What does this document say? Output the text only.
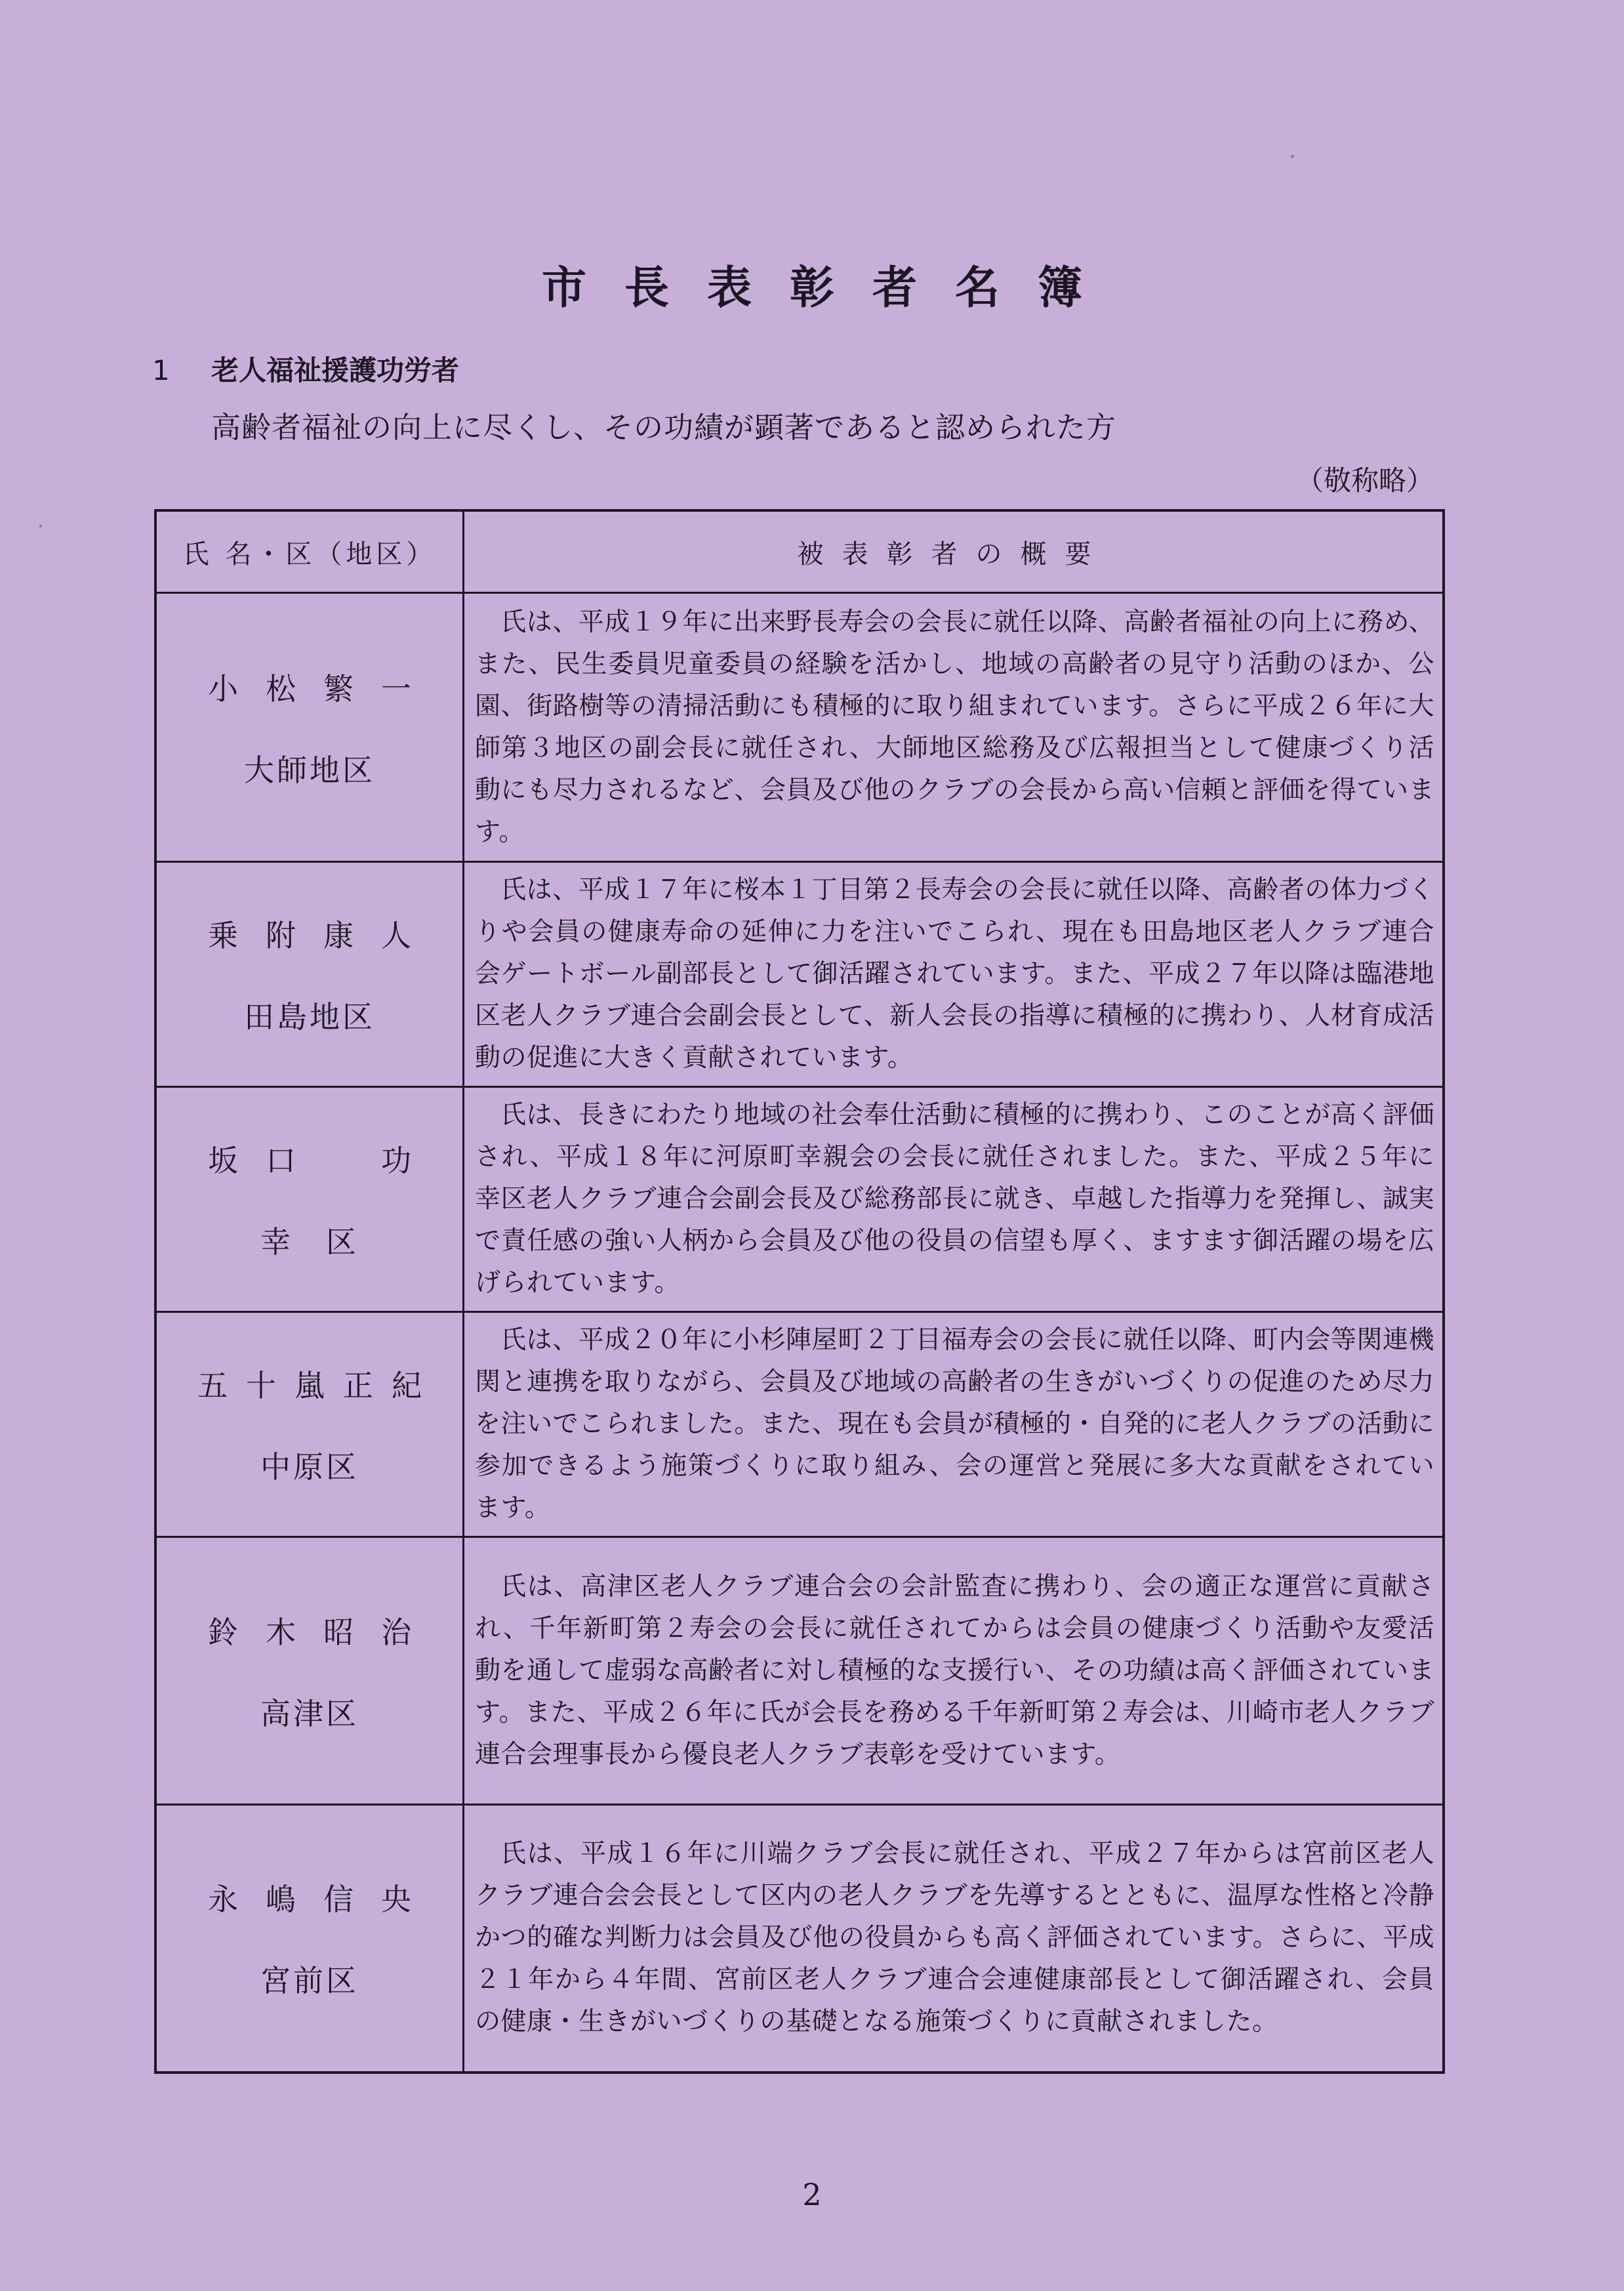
市長表彰者名簿
1 老人福祉援護功労者
高齢者福祉の向上に尽くし、その功績が顕著であると認められた方
（敬称略）
氏 名・区（地区）	被表彰者の概要

小松繁一
大師地区	氏は、平成１９年に出来野長寿会の会長に就任以降、高齢者福祉の向上に務め、また、民生委員児童委員の経験を活かし、地域の高齢者の見守り活動のほか、公園、街路樹等の清掃活動にも積極的に取り組まれています。さらに平成２６年に大師第３地区の副会長に就任され、大師地区総務及び広報担当として健康づくり活動にも尽力されるなど、会員及び他のクラブの会長から高い信頼と評価を得ています。

乗附康人
田島地区	氏は、平成１７年に桜本１丁目第２長寿会の会長に就任以降、高齢者の体力づくりや会員の健康寿命の延伸に力を注いでこられ、現在も田島地区老人クラブ連合会ゲートボール副部長として御活躍されています。また、平成２７年以降は臨港地区老人クラブ連合会副会長として、新人会長の指導に積極的に携わり、人材育成活動の促進に大きく貢献されています。

坂口　功
幸　区	氏は、長きにわたり地域の社会奉仕活動に積極的に携わり、このことが高く評価され、平成１８年に河原町幸親会の会長に就任されました。また、平成２５年に幸区老人クラブ連合会副会長及び総務部長に就き、卓越した指導力を発揮し、誠実で責任感の強い人柄から会員及び他の役員の信望も厚く、ますます御活躍の場を広げられています。

五十嵐正紀
中原区	氏は、平成２０年に小杉陣屋町２丁目福寿会の会長に就任以降、町内会等関連機関と連携を取りながら、会員及び地域の高齢者の生きがいづくりの促進のため尽力を注いでこられました。また、現在も会員が積極的・自発的に老人クラブの活動に参加できるよう施策づくりに取り組み、会の運営と発展に多大な貢献をされています。

鈴木昭治
高津区	氏は、高津区老人クラブ連合会の会計監査に携わり、会の適正な運営に貢献され、千年新町第２寿会の会長に就任されてからは会員の健康づくり活動や友愛活動を通して虚弱な高齢者に対し積極的な支援行い、その功績は高く評価されています。また、平成２６年に氏が会長を務める千年新町第２寿会は、川崎市老人クラブ連合会理事長から優良老人クラブ表彰を受けています。

永嶋信央
宮前区	氏は、平成１６年に川端クラブ会長に就任され、平成２７年からは宮前区老人クラブ連合会会長として区内の老人クラブを先導するとともに、温厚な性格と冷静かつ的確な判断力は会員及び他の役員からも高く評価されています。さらに、平成２１年から４年間、宮前区老人クラブ連合会連健康部長として御活躍され、会員の健康・生きがいづくりの基礎となる施策づくりに貢献されました。
2
